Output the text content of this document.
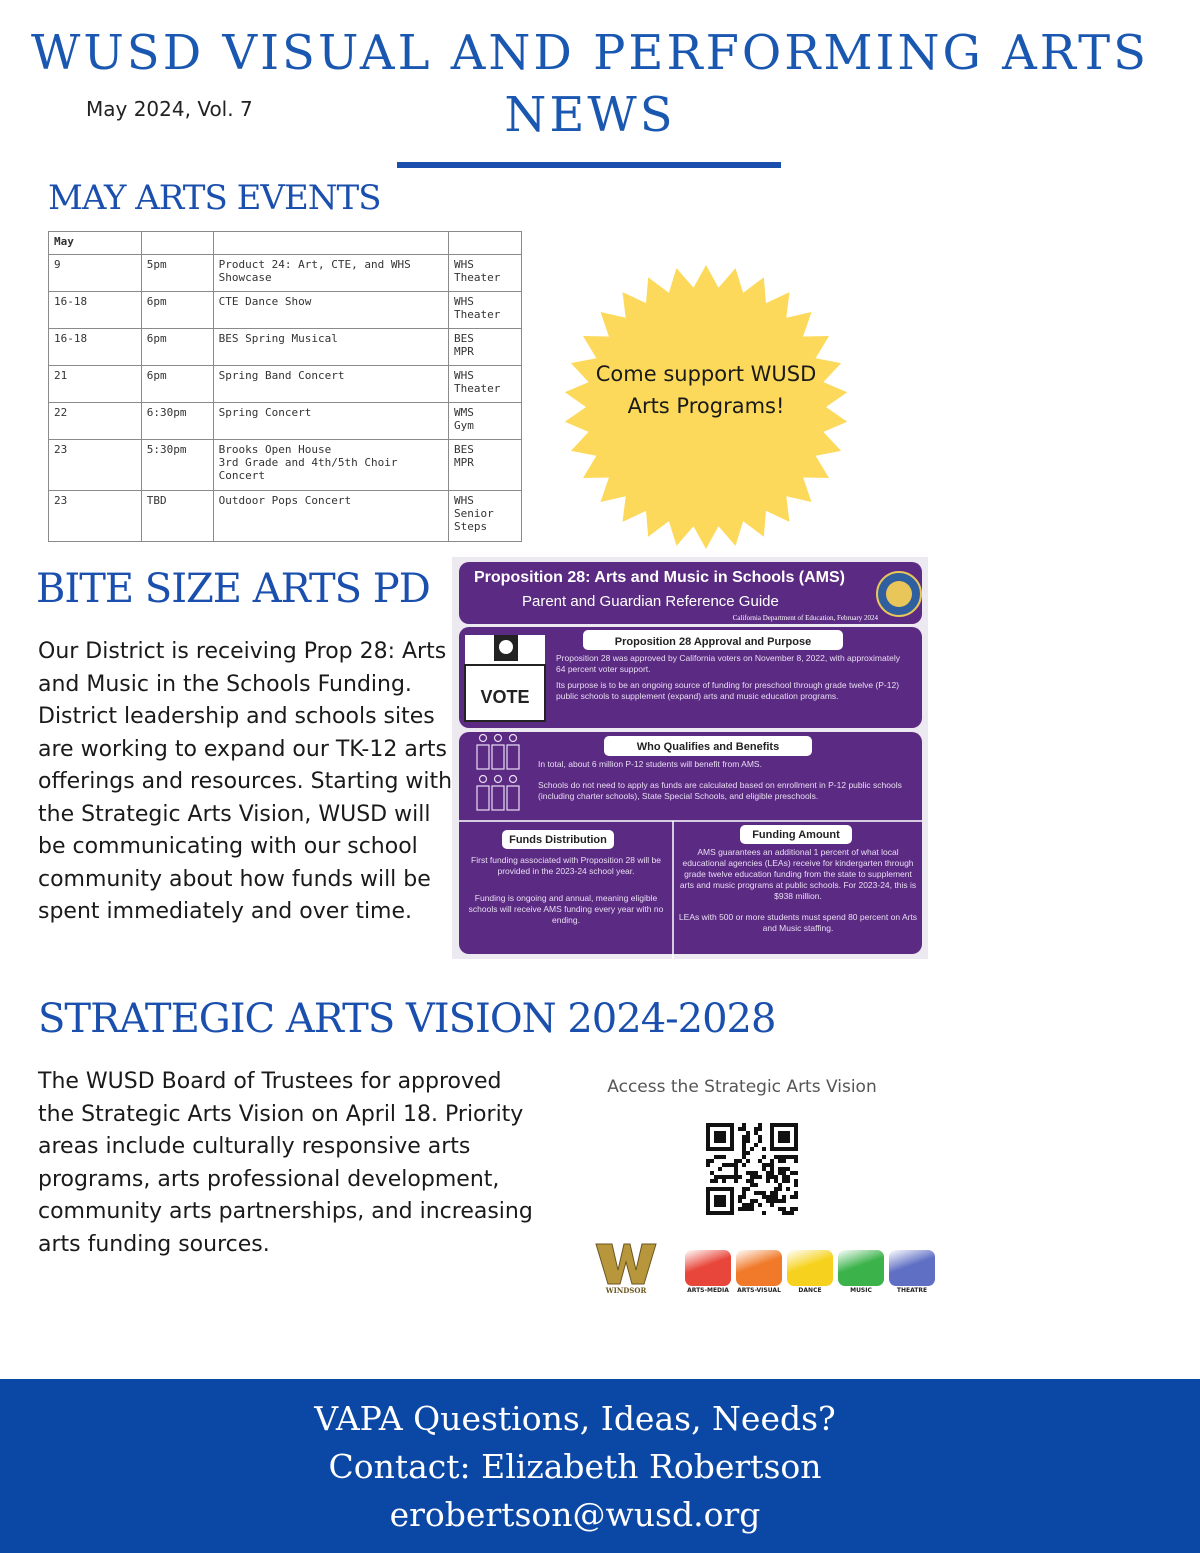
WUSD VISUAL AND PERFORMING ARTS NEWS
May 2024, Vol. 7
MAY ARTS EVENTS
May			
9	5pm	Product 24: Art, CTE, and WHS Showcase	WHS
Theater
16-18	6pm	CTE Dance Show	WHS
Theater
16-18	6pm	BES Spring Musical	BES
MPR
21	6pm	Spring Band Concert	WHS
Theater
22	6:30pm	Spring Concert	WMS
Gym
23	5:30pm	Brooks Open House
3rd Grade and 4th/5th Choir Concert	BES
MPR
23	TBD	Outdoor Pops Concert	WHS
Senior
Steps
Come support WUSD Arts Programs!
BITE SIZE ARTS PD

Our District is receiving Prop 28: Arts and Music in the Schools Funding. District leadership and schools sites are working to expand our TK-12 arts offerings and resources. Starting with the Strategic Arts Vision, WUSD will be communicating with our school community about how funds will be spent immediately and over time.

Proposition 28: Arts and Music in Schools (AMS)
Parent and Guardian Reference Guide
California Department of Education, February 2024
VOTE
Proposition 28 Approval and Purpose
Proposition 28 was approved by California voters on November 8, 2022, with approximately 64 percent voter support.
Its purpose is to be an ongoing source of funding for preschool through grade twelve (P-12) public schools to supplement (expand) arts and music education programs.
Who Qualifies and Benefits
In total, about 6 million P-12 students will benefit from AMS.
Schools do not need to apply as funds are calculated based on enrollment in P-12 public schools (including charter schools), State Special Schools, and eligible preschools.
Funds Distribution
First funding associated with Proposition 28 will be provided in the 2023-24 school year.
Funding is ongoing and annual, meaning eligible schools will receive AMS funding every year with no ending.
Funding Amount
AMS guarantees an additional 1 percent of what local educational agencies (LEAs) receive for kindergarten through grade twelve education funding from the state to supplement arts and music programs at public schools. For 2023-24, this is $938 million.
LEAs with 500 or more students must spend 80 percent on Arts and Music staffing.
STRATEGIC ARTS VISION 2024-2028

The WUSD Board of Trustees for approved the Strategic Arts Vision on April 18. Priority areas include culturally responsive arts programs, arts professional development, community arts partnerships, and increasing arts funding sources.

Access the Strategic Arts Vision
WINDSOR	ARTS-MEDIA	ARTS-VISUAL	DANCE	MUSIC	THEATRE
VAPA Questions, Ideas, Needs?
Contact: Elizabeth Robertson
erobertson@wusd.org
